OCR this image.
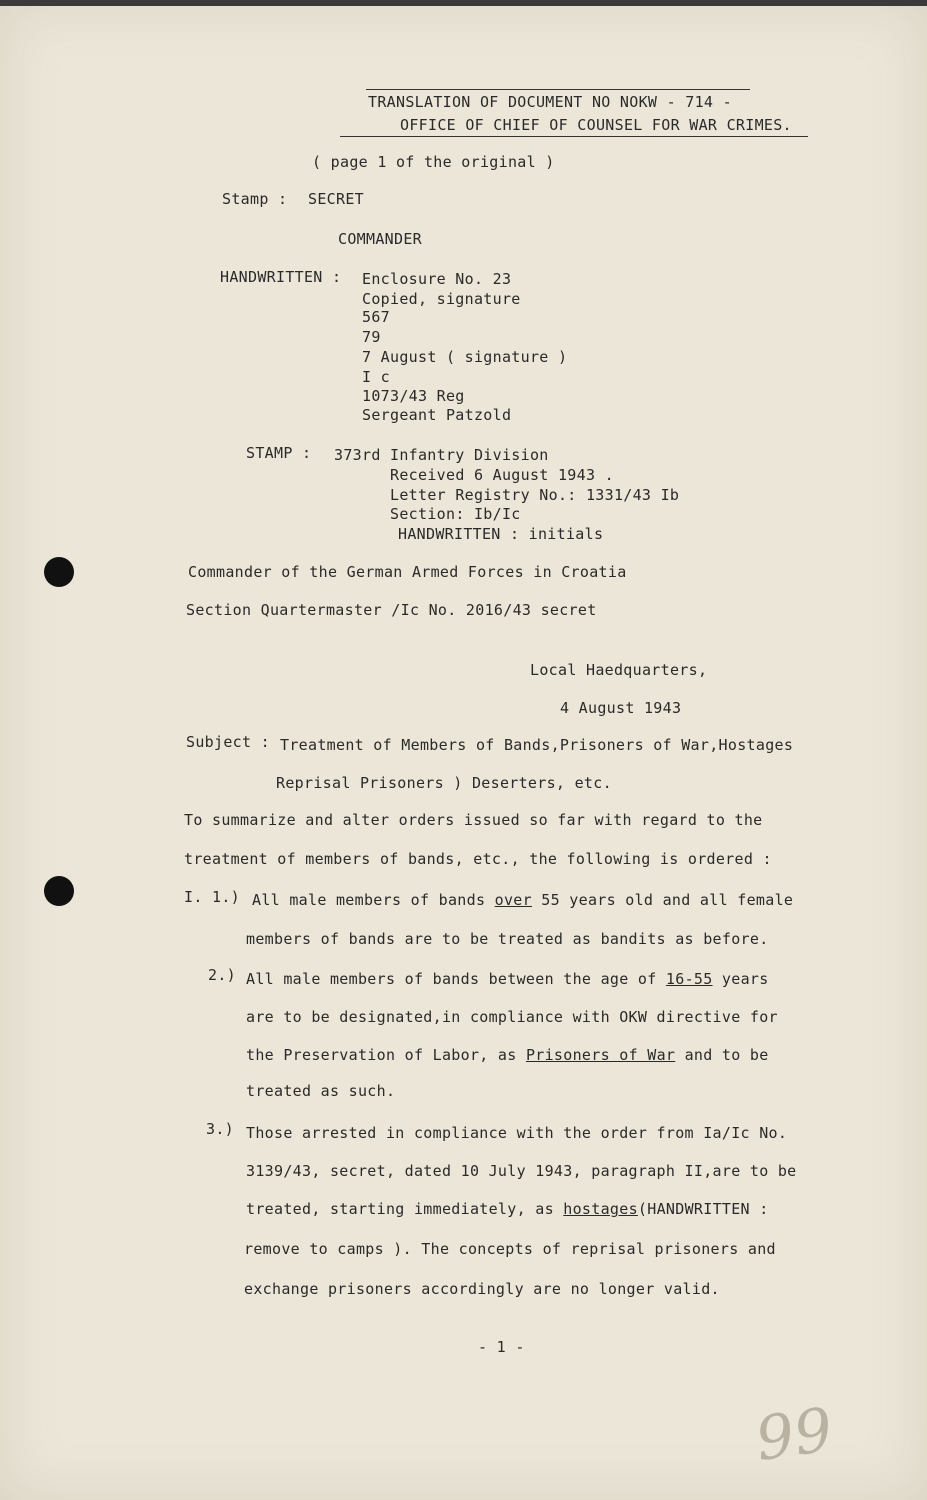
TRANSLATION OF DOCUMENT NO NOKW - 714 -
OFFICE OF CHIEF OF COUNSEL FOR WAR CRIMES.
( page 1 of the original )
Stamp : SECRET
COMMANDER
HANDWRITTEN : Enclosure No. 23
Copied, signature
567
79
7 August ( signature )
I c
1073/43 Reg
Sergeant Patzold
STAMP : 373rd Infantry Division
Received 6 August 1943 .
Letter Registry No.: 1331/43 Ib
Section: Ib/Ic
HANDWRITTEN : initials
Commander of the German Armed Forces in Croatia
Section Quartermaster /Ic No. 2016/43 secret
Local Haedquarters,
4 August 1943
Subject : Treatment of Members of Bands,Prisoners of War,Hostages
Reprisal Prisoners ) Deserters, etc.
To summarize and alter orders issued so far with regard to the
treatment of members of bands, etc., the following is ordered :
I. 1.) All male members of bands over 55 years old and all female
members of bands are to be treated as bandits as before.
2.) All male members of bands between the age of 16-55 years
are to be designated,in compliance with OKW directive for
the Preservation of Labor, as Prisoners of War and to be
treated as such.
3.) Those arrested in compliance with the order from Ia/Ic No.
3139/43, secret, dated 10 July 1943, paragraph II,are to be
treated, starting immediately, as hostages(HANDWRITTEN :
remove to camps ). The concepts of reprisal prisoners and
exchange prisoners accordingly are no longer valid.
- 1 -
99
